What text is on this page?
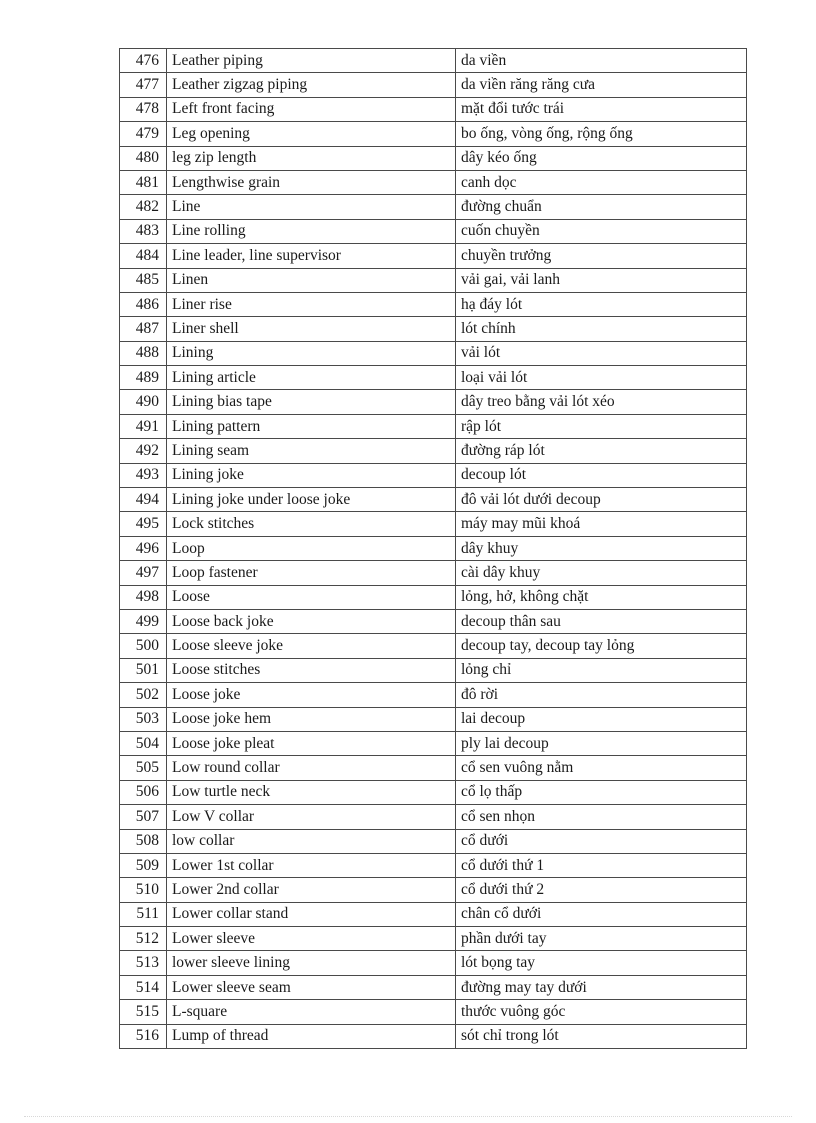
476	Leather piping	da viền
477	Leather zigzag piping	da viền răng răng cưa
478	Left front facing	mặt đổi tước trái
479	Leg opening	bo ống, vòng ống, rộng ống
480	leg zip length	dây kéo ống
481	Lengthwise grain	canh dọc
482	Line	đường chuẩn
483	Line rolling	cuốn chuyền
484	Line leader, line supervisor	chuyền trưởng
485	Linen	vải gai, vải lanh
486	Liner rise	hạ đáy lót
487	Liner shell	lót chính
488	Lining	vải lót
489	Lining article	loại vải lót
490	Lining bias tape	dây treo bằng vải lót xéo
491	Lining pattern	rập lót
492	Lining seam	đường ráp lót
493	Lining joke	decoup lót
494	Lining joke under loose joke	đô vải lót dưới decoup
495	Lock stitches	máy may mũi khoá
496	Loop	dây khuy
497	Loop fastener	cài dây khuy
498	Loose	lỏng, hở, không chặt
499	Loose back joke	decoup thân sau
500	Loose sleeve joke	decoup tay, decoup tay lỏng
501	Loose stitches	lỏng chỉ
502	Loose joke	đô rời
503	Loose joke hem	lai decoup
504	Loose joke pleat	ply lai decoup
505	Low round collar	cổ sen vuông nằm
506	Low turtle neck	cổ lọ thấp
507	Low V collar	cổ sen nhọn
508	low collar	cổ dưới
509	Lower 1st collar	cổ dưới thứ 1
510	Lower 2nd collar	cổ dưới thứ 2
511	Lower collar stand	chân cổ dưới
512	Lower sleeve	phần dưới tay
513	lower sleeve lining	lót bọng tay
514	Lower sleeve seam	đường may tay dưới
515	L-square	thước vuông góc
516	Lump of thread	sót chỉ trong lót
